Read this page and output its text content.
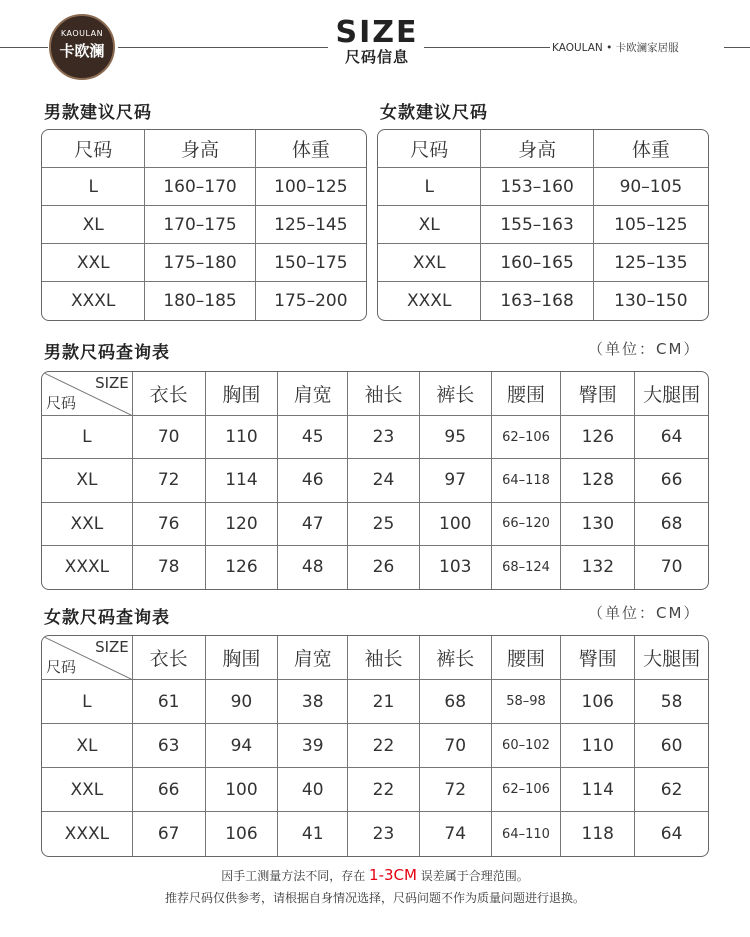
KAOULAN
卡欧澜
SIZE
尺码信息	KAOULAN • 卡欧澜家居服
男款建议尺码	女款建议尺码
尺码	身高	体重
L	160–170	100–125
XL	170–175	125–145
XXL	175–180	150–175
XXXL	180–185	175–200
尺码	身高	体重
L	153–160	90–105
XL	155–163	105–125
XXL	160–165	125–135
XXXL	163–168	130–150
男款尺码查询表	（单位：CM）
SIZE
尺码	衣长	胸围	肩宽	袖长	裤长	腰围	臀围	大腿围
L	70	110	45	23	95	62–106	126	64
XL	72	114	46	24	97	64–118	128	66
XXL	76	120	47	25	100	66–120	130	68
XXXL	78	126	48	26	103	68–124	132	70
女款尺码查询表	（单位：CM）
SIZE
尺码	衣长	胸围	肩宽	袖长	裤长	腰围	臀围	大腿围
L	61	90	38	21	68	58–98	106	58
XL	63	94	39	22	70	60–102	110	60
XXL	66	100	40	22	72	62–106	114	62
XXXL	67	106	41	23	74	64–110	118	64
因手工测量方法不同，存在 1-3CM 误差属于合理范围。
推荐尺码仅供参考，请根据自身情况选择，尺码问题不作为质量问题进行退换。
